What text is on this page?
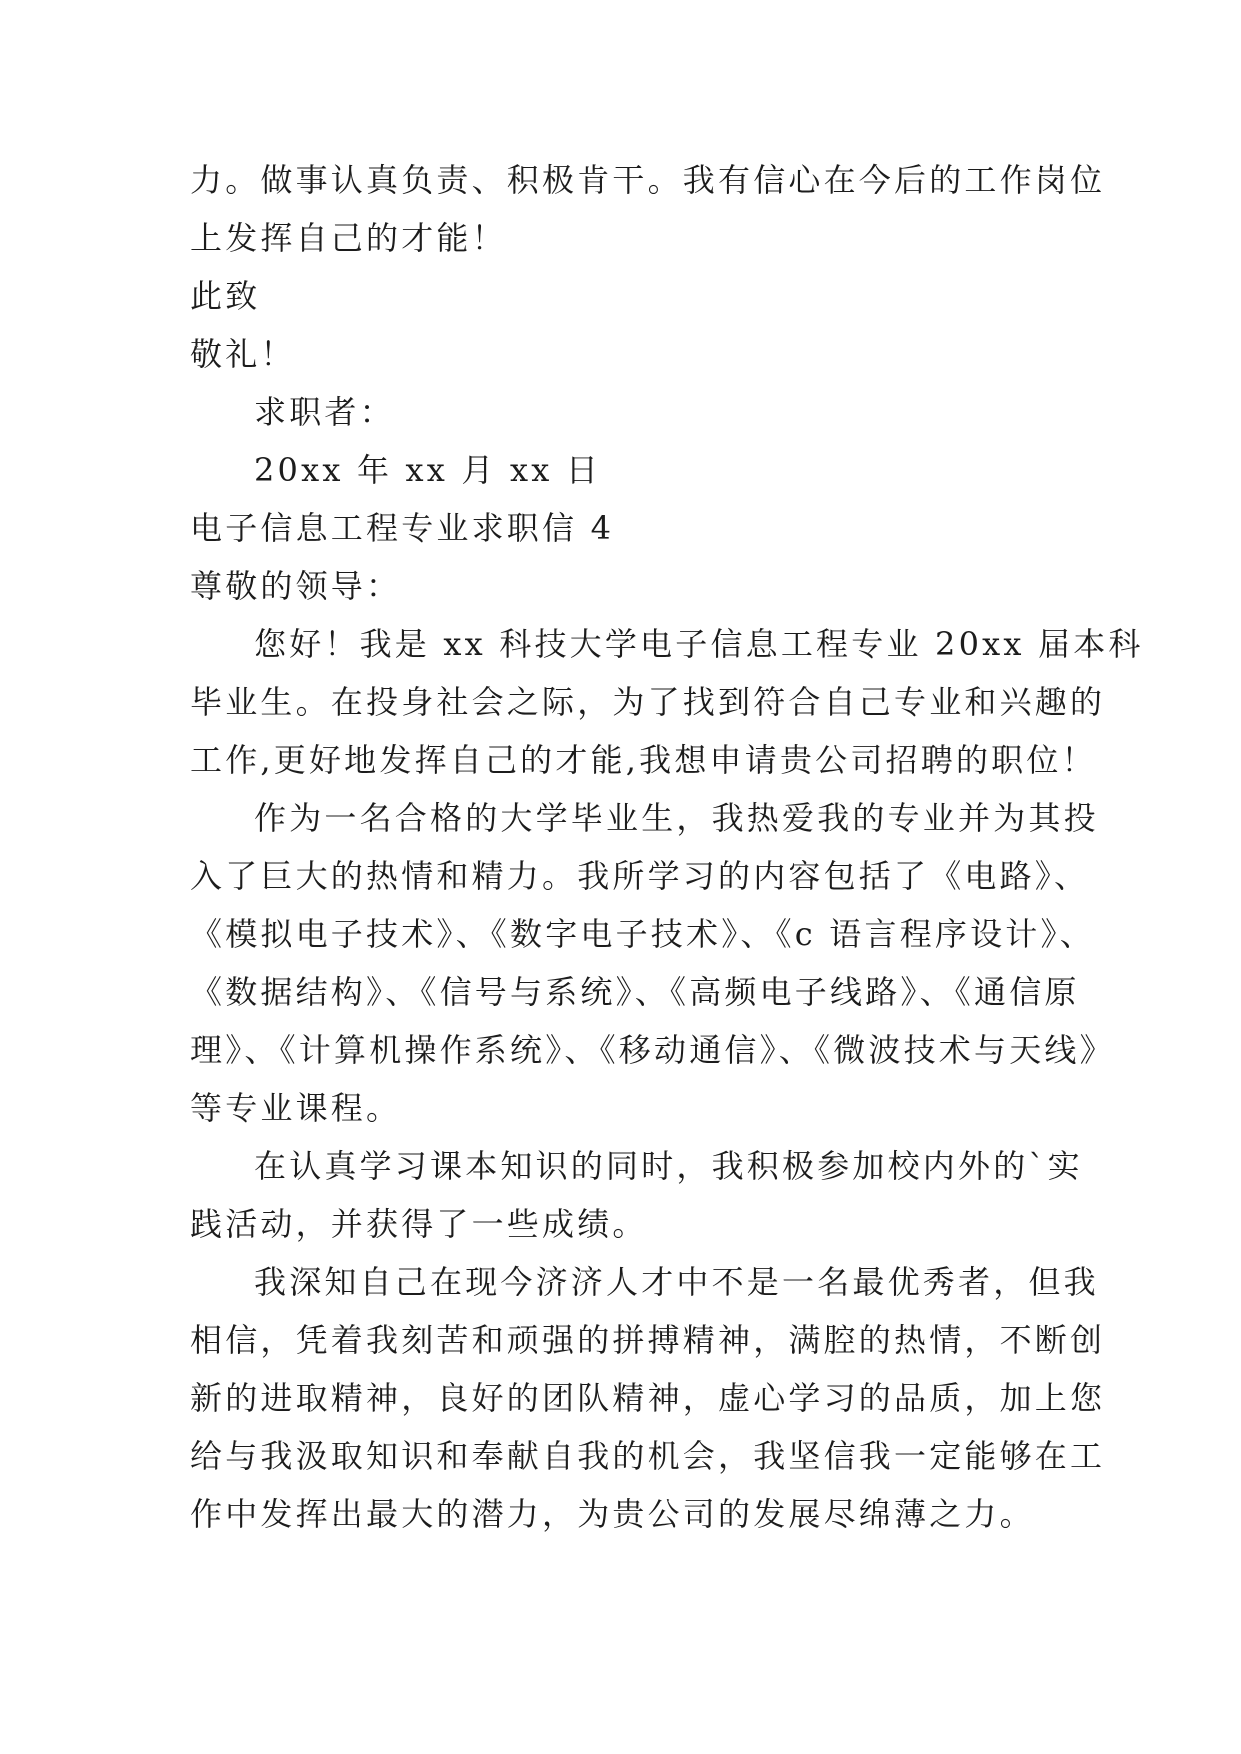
力。做事认真负责、积极肯干。我有信心在今后的工作岗位
上发挥自己的才能！
此致
敬礼！
求职者：
20xx 年 xx 月 xx 日
电子信息工程专业求职信 4
尊敬的领导：
您好！我是 xx 科技大学电子信息工程专业 20xx 届本科
毕业生。在投身社会之际，为了找到符合自己专业和兴趣的
工作,更好地发挥自己的才能,我想申请贵公司招聘的职位！
作为一名合格的大学毕业生，我热爱我的专业并为其投
入了巨大的热情和精力。我所学习的内容包括了《电路》、
《模拟电子技术》、《数字电子技术》、《c 语言程序设计》、
《数据结构》、《信号与系统》、《高频电子线路》、《通信原
理》、《计算机操作系统》、《移动通信》、《微波技术与天线》
等专业课程。
在认真学习课本知识的同时，我积极参加校内外的`实
践活动，并获得了一些成绩。
我深知自己在现今济济人才中不是一名最优秀者，但我
相信，凭着我刻苦和顽强的拼搏精神，满腔的热情，不断创
新的进取精神，良好的团队精神，虚心学习的品质，加上您
给与我汲取知识和奉献自我的机会，我坚信我一定能够在工
作中发挥出最大的潜力，为贵公司的发展尽绵薄之力。
